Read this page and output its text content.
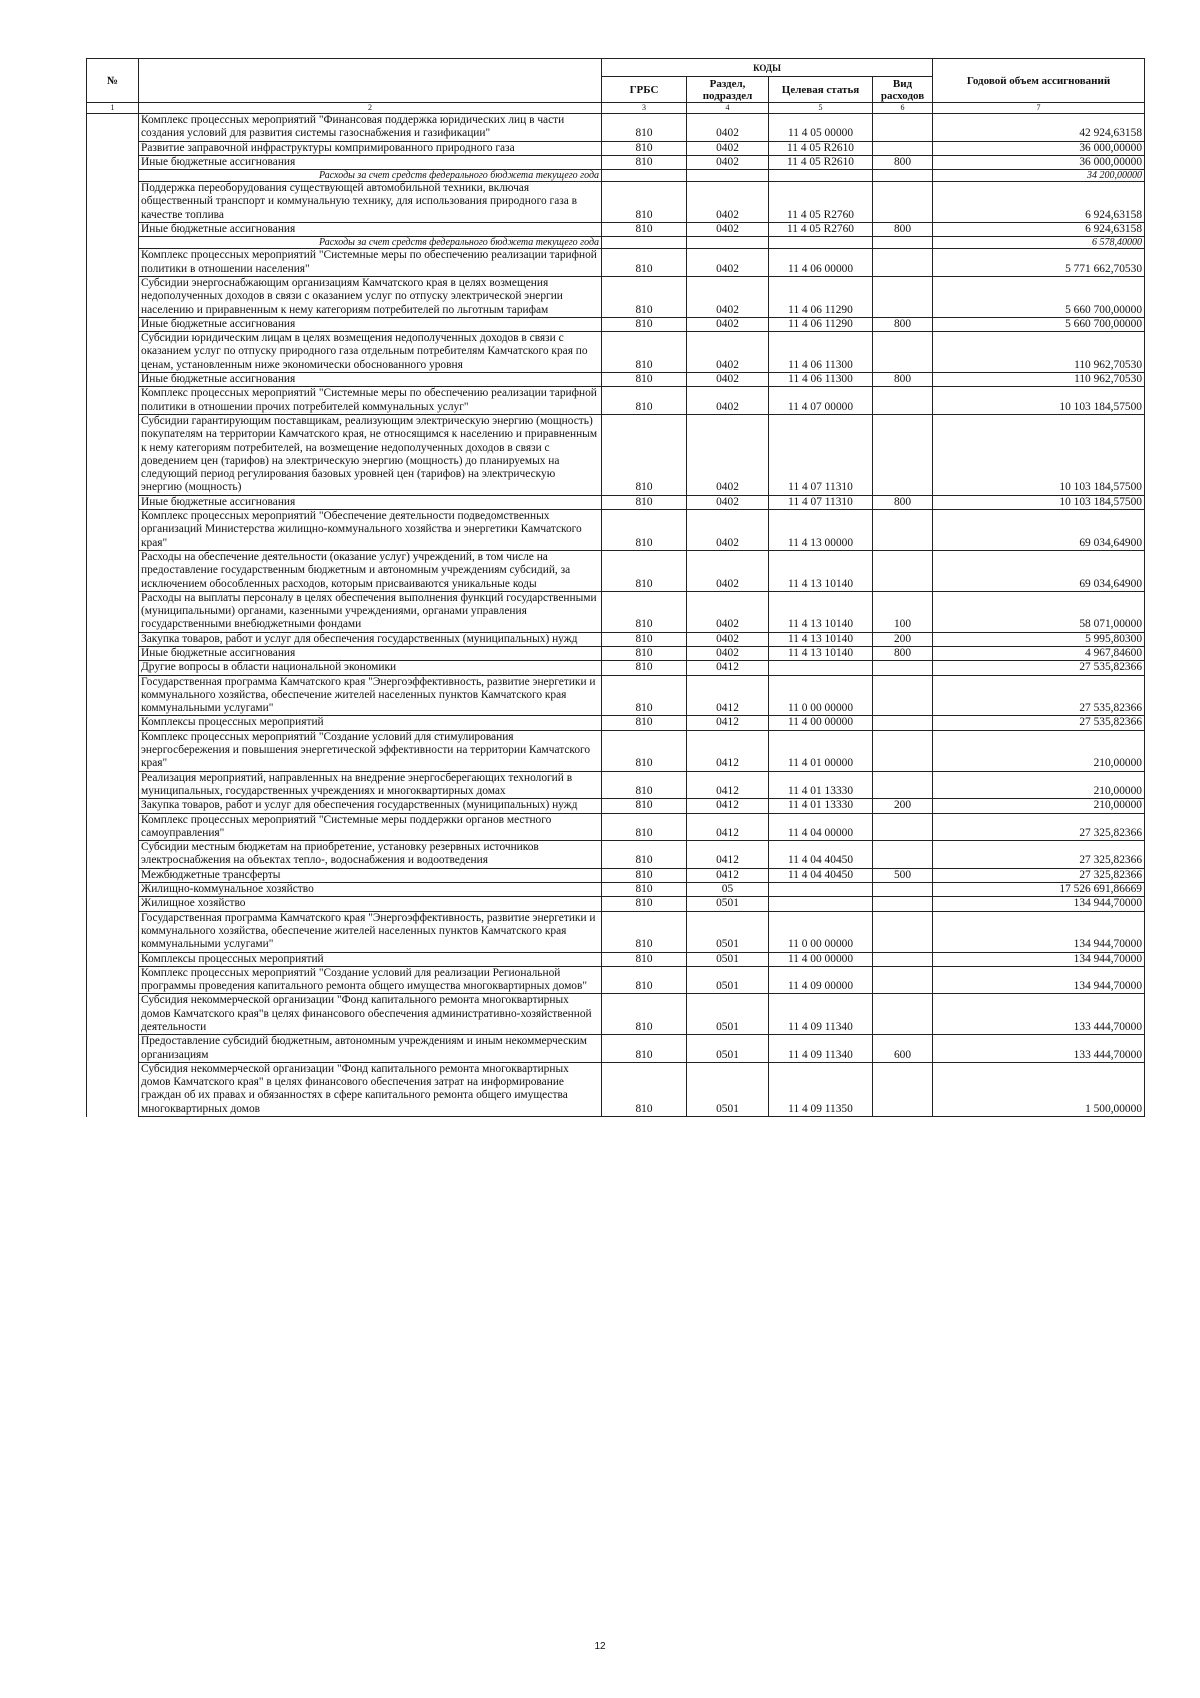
№		КОДЫ				Годовой объем ассигнований
		ГРБС	Раздел, подраздел	Целевая статья	Вид расходов	
1	2	3	4	5	6	7
	Комплекс процессных мероприятий "Финансовая поддержка юридических лиц в части создания условий для развития системы газоснабжения и газификации"	810	0402	11 4 05 00000		42 924,63158
	Развитие заправочной инфраструктуры компримированного природного газа	810	0402	11 4 05 R2610		36 000,00000
	Иные бюджетные ассигнования	810	0402	11 4 05 R2610	800	36 000,00000
	Расходы за счет средств федерального бюджета текущего года					34 200,00000
	Поддержка переоборудования существующей автомобильной техники, включая общественный транспорт и коммунальную технику, для использования природного газа в качестве топлива	810	0402	11 4 05 R2760		6 924,63158
	Иные бюджетные ассигнования	810	0402	11 4 05 R2760	800	6 924,63158
	Расходы за счет средств федерального бюджета текущего года					6 578,40000
	Комплекс процессных мероприятий "Системные меры по обеспечению реализации тарифной политики в отношении населения"	810	0402	11 4 06 00000		5 771 662,70530
	Субсидии энергоснабжающим организациям Камчатского края в целях возмещения недополученных доходов в связи с оказанием услуг по отпуску электрической энергии населению и приравненным к нему категориям потребителей по льготным тарифам	810	0402	11 4 06 11290		5 660 700,00000
	Иные бюджетные ассигнования	810	0402	11 4 06 11290	800	5 660 700,00000
	Субсидии юридическим лицам в целях возмещения недополученных доходов в связи с оказанием услуг по отпуску природного газа отдельным потребителям Камчатского края по ценам, установленным ниже экономически обоснованного уровня	810	0402	11 4 06 11300		110 962,70530
	Иные бюджетные ассигнования	810	0402	11 4 06 11300	800	110 962,70530
	Комплекс процессных мероприятий "Системные меры по обеспечению реализации тарифной политики в отношении прочих потребителей коммунальных услуг"	810	0402	11 4 07 00000		10 103 184,57500
	Субсидии гарантирующим поставщикам, реализующим электрическую энергию (мощность) покупателям на территории Камчатского края, не относящимся к населению и приравненным к нему категориям потребителей, на возмещение недополученных доходов в связи с доведением цен (тарифов) на электрическую энергию (мощность) до планируемых на следующий период регулирования базовых уровней цен (тарифов) на электрическую энергию (мощность)	810	0402	11 4 07 11310		10 103 184,57500
	Иные бюджетные ассигнования	810	0402	11 4 07 11310	800	10 103 184,57500
	Комплекс процессных мероприятий "Обеспечение деятельности подведомственных организаций Министерства жилищно-коммунального хозяйства и энергетики Камчатского края"	810	0402	11 4 13 00000		69 034,64900
	Расходы на обеспечение деятельности (оказание услуг) учреждений, в том числе на предоставление государственным бюджетным и автономным учреждениям субсидий, за исключением обособленных расходов, которым присваиваются уникальные коды	810	0402	11 4 13 10140		69 034,64900
	Расходы на выплаты персоналу в целях обеспечения выполнения функций государственными (муниципальными) органами, казенными учреждениями, органами управления государственными внебюджетными фондами	810	0402	11 4 13 10140	100	58 071,00000
	Закупка товаров, работ и услуг для обеспечения государственных (муниципальных) нужд	810	0402	11 4 13 10140	200	5 995,80300
	Иные бюджетные ассигнования	810	0402	11 4 13 10140	800	4 967,84600
	Другие вопросы в области национальной экономики	810	0412			27 535,82366
	Государственная программа Камчатского края "Энергоэффективность, развитие энергетики и коммунального хозяйства, обеспечение жителей населенных пунктов Камчатского края коммунальными услугами"	810	0412	11 0 00 00000		27 535,82366
	Комплексы процессных мероприятий	810	0412	11 4 00 00000		27 535,82366
	Комплекс процессных мероприятий "Создание условий для стимулирования энергосбережения и повышения энергетической эффективности на территории Камчатского края"	810	0412	11 4 01 00000		210,00000
	Реализация мероприятий, направленных на внедрение энергосберегающих технологий в муниципальных, государственных учреждениях и многоквартирных домах	810	0412	11 4 01 13330		210,00000
	Закупка товаров, работ и услуг для обеспечения государственных (муниципальных) нужд	810	0412	11 4 01 13330	200	210,00000
	Комплекс процессных мероприятий "Системные меры поддержки органов местного самоуправления"	810	0412	11 4 04 00000		27 325,82366
	Субсидии местным бюджетам на приобретение, установку резервных источников электроснабжения на объектах тепло-, водоснабжения и водоотведения	810	0412	11 4 04 40450		27 325,82366
	Межбюджетные трансферты	810	0412	11 4 04 40450	500	27 325,82366
	Жилищно-коммунальное хозяйство	810	05			17 526 691,86669
	Жилищное хозяйство	810	0501			134 944,70000
	Государственная программа Камчатского края "Энергоэффективность, развитие энергетики и коммунального хозяйства, обеспечение жителей населенных пунктов Камчатского края коммунальными услугами"	810	0501	11 0 00 00000		134 944,70000
	Комплексы процессных мероприятий	810	0501	11 4 00 00000		134 944,70000
	Комплекс процессных мероприятий "Создание условий для реализации Региональной программы проведения капитального ремонта общего имущества многоквартирных домов"	810	0501	11 4 09 00000		134 944,70000
	Субсидия некоммерческой организации "Фонд капитального ремонта многоквартирных домов Камчатского края"в целях финансового обеспечения административно-хозяйственной деятельности	810	0501	11 4 09 11340		133 444,70000
	Предоставление субсидий бюджетным, автономным учреждениям и иным некоммерческим организациям	810	0501	11 4 09 11340	600	133 444,70000
	Субсидия некоммерческой организации "Фонд капитального ремонта многоквартирных домов Камчатского края" в целях финансового обеспечения затрат на информирование граждан об их правах и обязанностях в сфере капитального ремонта общего имущества многоквартирных домов	810	0501	11 4 09 11350		1 500,00000
12
